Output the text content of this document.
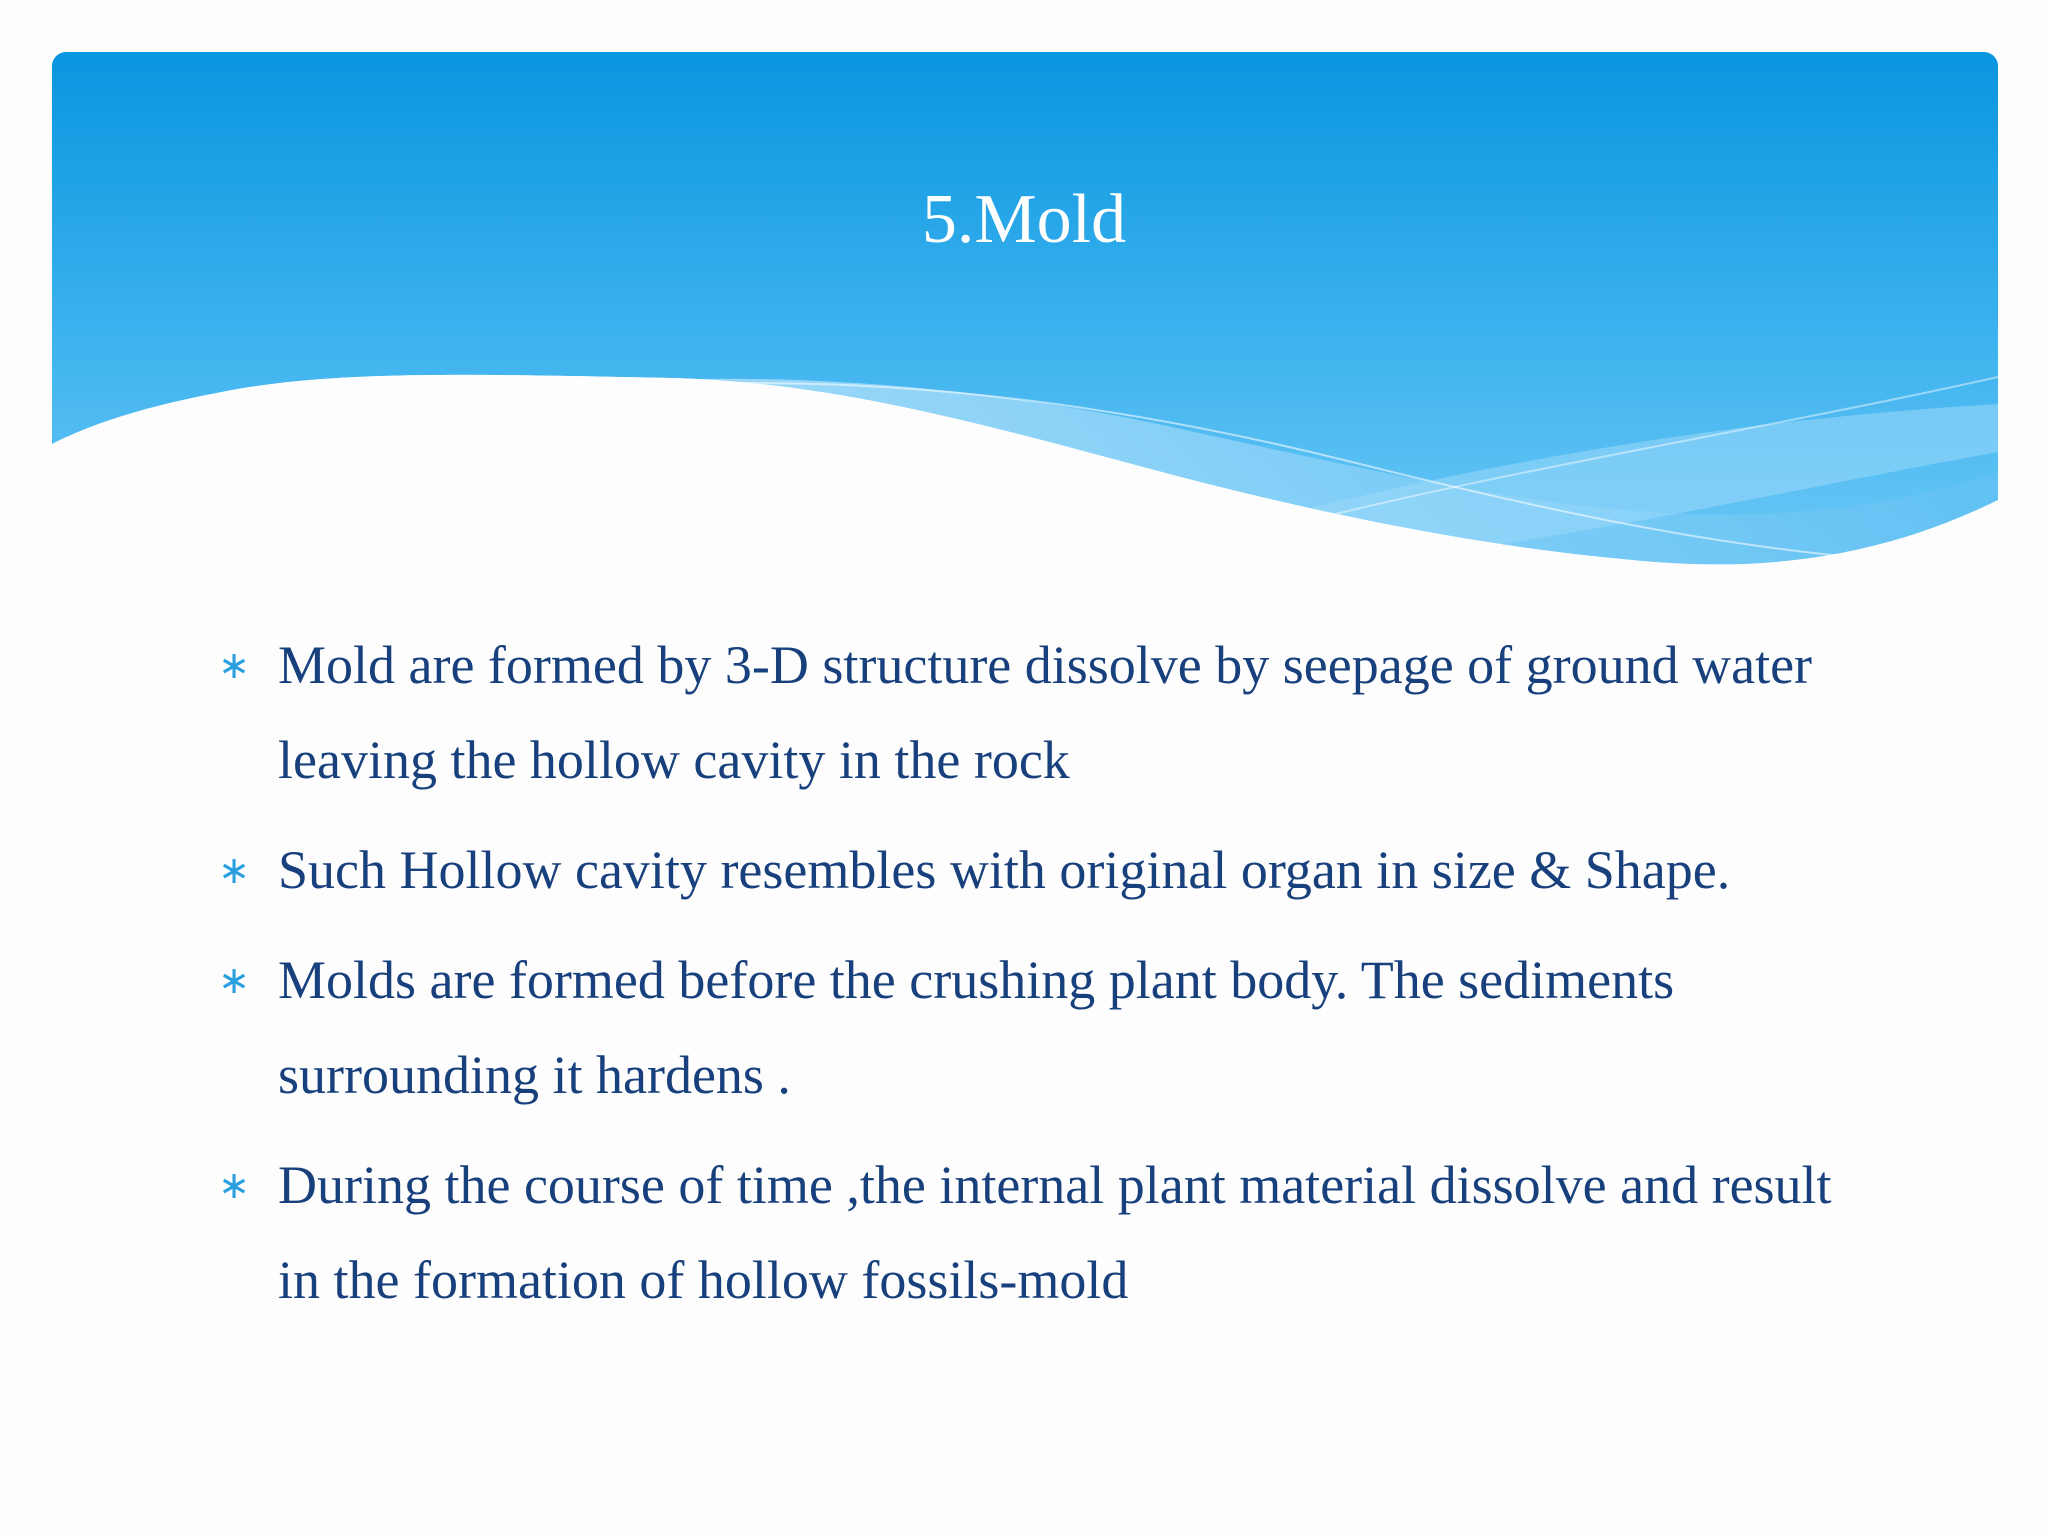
5.Mold
∗ Mold are formed by 3-D structure dissolve by seepage of ground water leaving the hollow cavity in the rock
∗ Such Hollow cavity resembles with original organ in size & Shape.
∗ Molds are formed before the crushing plant body. The sediments surrounding it hardens .
∗ During the course of time ,the internal plant material dissolve and result in the formation of hollow fossils-mold
